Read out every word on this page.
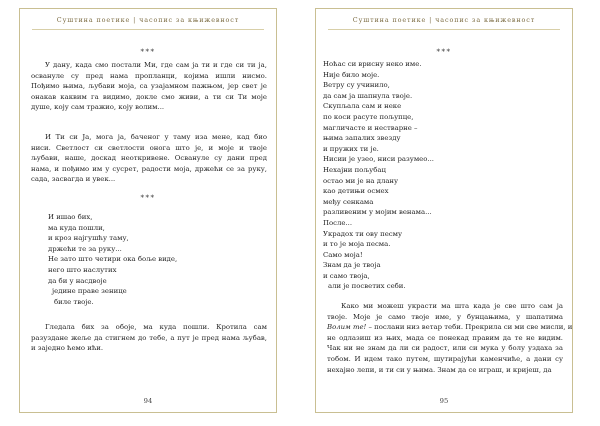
Суштина поетике | часопис за књижевност
***

У дану, када смо постали Ми, где сам ја ти и где си ти ја,
освануле су пред нама пропланци, којима ишли нисмо.
Пођимо њима, љубави моја, са узајамном пажњом, јер свет је
онакав каквим га видимо, докле смо живи, а ти си Ти моје
душе, коју сам тражио, коју волим...

И Ти си Ја, мога ја, баченог у таму иза мене, кад био
ниси. Светлост си светлости онога што је, и моје и твоје
љубави, наше, доскад неоткривене. Освануле су дани пред
нама, и пођимо им у сусрет, радости моја, држећи се за руку,
сада, засвагда и увек...

***
И ишао бих,
ма куда пошли,
и кроз најгушћу таму,
држећи те за руку...
Не зато што четири ока боље виде,
него што наслутих
да би у насдвоје
једине праве зенице
биле твоје.

Гледала бих за обоје, ма куда пошли. Кротила сам
разуздане жеље да стигнем до тебе, а пут је пред нама љубав,
и заједно ћемо ићи.

94
Суштина поетике | часопис за књижевност
***
Ноћас си врисну неко име.
Није било моје.
Ветру су учинило,
да сам ја шапнула твоје.
Скупљала сам и неке
по коси расуте пољупце,
магличасте и нестварне –
њима запалих звезду
и пружих ти је.
Нисии je узео, ниси разумео...
Нехајни пољубац
остао ми је на длану
као детињи осмех
међу сенкама
разливеним у мојим венама...
После...
Украдох ти ову песму
и то је моја песма.
Само моја!
Знам да је твоја
и само твоја,
али је посветих себи.

Како ми можеш украсти ма шта када је све што сам ја
твоје. Моје је само твоје име, у бунцањима, у шапатима
Волим те! – послани низ ветар теби. Прекрила си ми све мисли, и
не одлазиш из њих, мада се понекад правим да те не видим.
Чак ни не знам да ли си радост, или си мука у болу уздаха за
тобом. И идем тако путем, шутирајући каменчиће, а дани су
нехајно лепи, и ти си у њима. Знам да се играш, и кријеш, да

95
